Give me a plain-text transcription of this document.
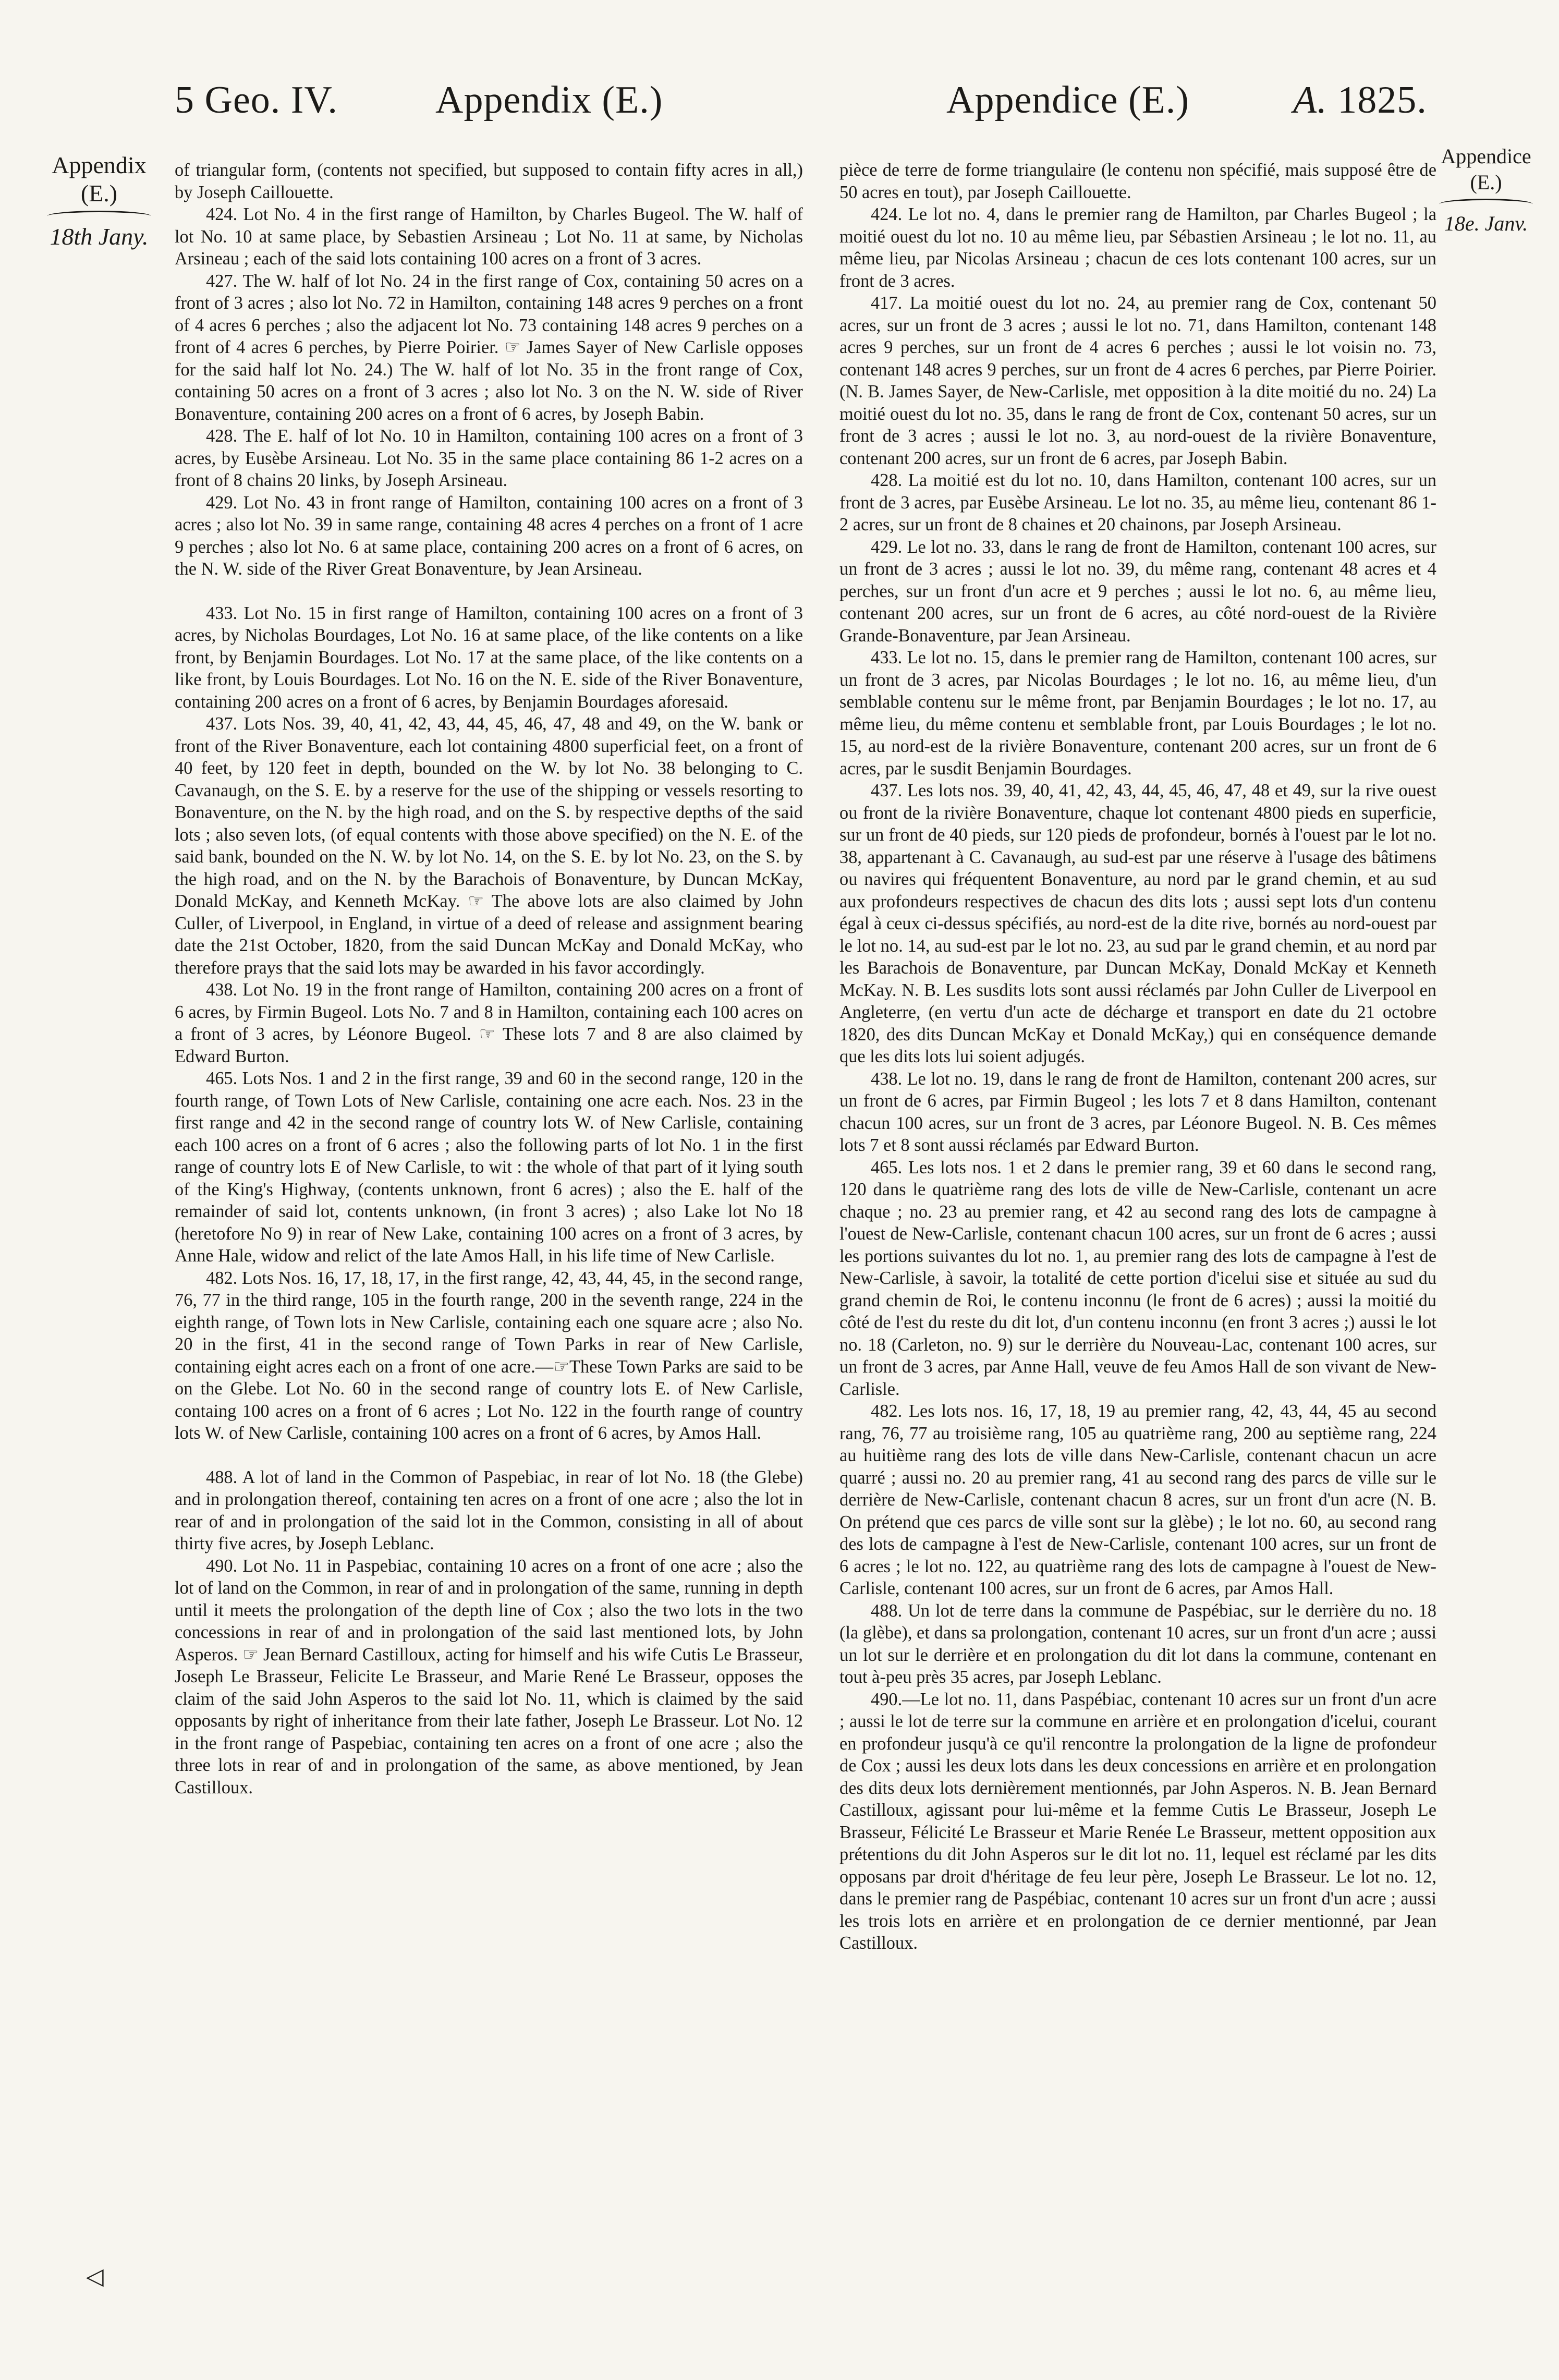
5 Geo. IV.	Appendix (E.)	Appendice (E.)	A. 1825.
Appendix
(E.)
18th Jany.
Appendice
(E.)
18e. Janv.

of triangular form, (contents not specified, but supposed to contain fifty acres in all,) by Joseph Caillouette.

424. Lot No. 4 in the first range of Hamilton, by Charles Bugeol. The W. half of lot No. 10 at same place, by Sebastien Arsineau ; Lot No. 11 at same, by Nicholas Arsineau ; each of the said lots containing 100 acres on a front of 3 acres.

427. The W. half of lot No. 24 in the first range of Cox, containing 50 acres on a front of 3 acres ; also lot No. 72 in Hamilton, containing 148 acres 9 perches on a front of 4 acres 6 perches ; also the adjacent lot No. 73 containing 148 acres 9 perches on a front of 4 acres 6 perches, by Pierre Poirier. ☞ James Sayer of New Carlisle opposes for the said half lot No. 24.) The W. half of lot No. 35 in the front range of Cox, containing 50 acres on a front of 3 acres ; also lot No. 3 on the N. W. side of River Bonaventure, containing 200 acres on a front of 6 acres, by Joseph Babin.

428. The E. half of lot No. 10 in Hamilton, containing 100 acres on a front of 3 acres, by Eusèbe Arsineau. Lot No. 35 in the same place containing 86 1-2 acres on a front of 8 chains 20 links, by Joseph Arsineau.

429. Lot No. 43 in front range of Hamilton, containing 100 acres on a front of 3 acres ; also lot No. 39 in same range, containing 48 acres 4 perches on a front of 1 acre 9 perches ; also lot No. 6 at same place, containing 200 acres on a front of 6 acres, on the N. W. side of the River Great Bonaventure, by Jean Arsineau.

433. Lot No. 15 in first range of Hamilton, containing 100 acres on a front of 3 acres, by Nicholas Bourdages, Lot No. 16 at same place, of the like contents on a like front, by Benjamin Bourdages. Lot No. 17 at the same place, of the like contents on a like front, by Louis Bourdages. Lot No. 16 on the N. E. side of the River Bonaventure, containing 200 acres on a front of 6 acres, by Benjamin Bourdages aforesaid.

437. Lots Nos. 39, 40, 41, 42, 43, 44, 45, 46, 47, 48 and 49, on the W. bank or front of the River Bonaventure, each lot containing 4800 superficial feet, on a front of 40 feet, by 120 feet in depth, bounded on the W. by lot No. 38 belonging to C. Cavanaugh, on the S. E. by a reserve for the use of the shipping or vessels resorting to Bonaventure, on the N. by the high road, and on the S. by respective depths of the said lots ; also seven lots, (of equal contents with those above specified) on the N. E. of the said bank, bounded on the N. W. by lot No. 14, on the S. E. by lot No. 23, on the S. by the high road, and on the N. by the Barachois of Bonaventure, by Duncan McKay, Donald McKay, and Kenneth McKay. ☞ The above lots are also claimed by John Culler, of Liverpool, in England, in virtue of a deed of release and assignment bearing date the 21st October, 1820, from the said Duncan McKay and Donald McKay, who therefore prays that the said lots may be awarded in his favor accordingly.

438. Lot No. 19 in the front range of Hamilton, containing 200 acres on a front of 6 acres, by Firmin Bugeol. Lots No. 7 and 8 in Hamilton, containing each 100 acres on a front of 3 acres, by Léonore Bugeol. ☞ These lots 7 and 8 are also claimed by Edward Burton.

465. Lots Nos. 1 and 2 in the first range, 39 and 60 in the second range, 120 in the fourth range, of Town Lots of New Carlisle, containing one acre each. Nos. 23 in the first range and 42 in the second range of country lots W. of New Carlisle, containing each 100 acres on a front of 6 acres ; also the following parts of lot No. 1 in the first range of country lots E of New Carlisle, to wit : the whole of that part of it lying south of the King's Highway, (contents unknown, front 6 acres) ; also the E. half of the remainder of said lot, contents unknown, (in front 3 acres) ; also Lake lot No 18 (heretofore No 9) in rear of New Lake, containing 100 acres on a front of 3 acres, by Anne Hale, widow and relict of the late Amos Hall, in his life time of New Carlisle.

482. Lots Nos. 16, 17, 18, 17, in the first range, 42, 43, 44, 45, in the second range, 76, 77 in the third range, 105 in the fourth range, 200 in the seventh range, 224 in the eighth range, of Town lots in New Carlisle, containing each one square acre ; also No. 20 in the first, 41 in the second range of Town Parks in rear of New Carlisle, containing eight acres each on a front of one acre.—☞These Town Parks are said to be on the Glebe. Lot No. 60 in the second range of country lots E. of New Carlisle, containg 100 acres on a front of 6 acres ; Lot No. 122 in the fourth range of country lots W. of New Carlisle, containing 100 acres on a front of 6 acres, by Amos Hall.

488. A lot of land in the Common of Paspebiac, in rear of lot No. 18 (the Glebe) and in prolongation thereof, containing ten acres on a front of one acre ; also the lot in rear of and in prolongation of the said lot in the Common, consisting in all of about thirty five acres, by Joseph Leblanc.

490. Lot No. 11 in Paspebiac, containing 10 acres on a front of one acre ; also the lot of land on the Common, in rear of and in prolongation of the same, running in depth until it meets the prolongation of the depth line of Cox ; also the two lots in the two concessions in rear of and in prolongation of the said last mentioned lots, by John Asperos. ☞ Jean Bernard Castilloux, acting for himself and his wife Cutis Le Brasseur, Joseph Le Brasseur, Felicite Le Brasseur, and Marie René Le Brasseur, opposes the claim of the said John Asperos to the said lot No. 11, which is claimed by the said opposants by right of inheritance from their late father, Joseph Le Brasseur. Lot No. 12 in the front range of Paspebiac, containing ten acres on a front of one acre ; also the three lots in rear of and in prolongation of the same, as above mentioned, by Jean Castilloux.

pièce de terre de forme triangulaire (le contenu non spécifié, mais supposé être de 50 acres en tout), par Joseph Caillouette.

424. Le lot no. 4, dans le premier rang de Hamilton, par Charles Bugeol ; la moitié ouest du lot no. 10 au même lieu, par Sébastien Arsineau ; le lot no. 11, au même lieu, par Nicolas Arsineau ; chacun de ces lots contenant 100 acres, sur un front de 3 acres.

417. La moitié ouest du lot no. 24, au premier rang de Cox, contenant 50 acres, sur un front de 3 acres ; aussi le lot no. 71, dans Hamilton, contenant 148 acres 9 perches, sur un front de 4 acres 6 perches ; aussi le lot voisin no. 73, contenant 148 acres 9 perches, sur un front de 4 acres 6 perches, par Pierre Poirier. (N. B. James Sayer, de New-Carlisle, met opposition à la dite moitié du no. 24) La moitié ouest du lot no. 35, dans le rang de front de Cox, contenant 50 acres, sur un front de 3 acres ; aussi le lot no. 3, au nord-ouest de la rivière Bonaventure, contenant 200 acres, sur un front de 6 acres, par Joseph Babin.

428. La moitié est du lot no. 10, dans Hamilton, contenant 100 acres, sur un front de 3 acres, par Eusèbe Arsineau. Le lot no. 35, au même lieu, contenant 86 1-2 acres, sur un front de 8 chaines et 20 chainons, par Joseph Arsineau.

429. Le lot no. 33, dans le rang de front de Hamilton, contenant 100 acres, sur un front de 3 acres ; aussi le lot no. 39, du même rang, contenant 48 acres et 4 perches, sur un front d'un acre et 9 perches ; aussi le lot no. 6, au même lieu, contenant 200 acres, sur un front de 6 acres, au côté nord-ouest de la Rivière Grande-Bonaventure, par Jean Arsineau.

433. Le lot no. 15, dans le premier rang de Hamilton, contenant 100 acres, sur un front de 3 acres, par Nicolas Bourdages ; le lot no. 16, au même lieu, d'un semblable contenu sur le même front, par Benjamin Bourdages ; le lot no. 17, au même lieu, du même contenu et semblable front, par Louis Bourdages ; le lot no. 15, au nord-est de la rivière Bonaventure, contenant 200 acres, sur un front de 6 acres, par le susdit Benjamin Bourdages.

437. Les lots nos. 39, 40, 41, 42, 43, 44, 45, 46, 47, 48 et 49, sur la rive ouest ou front de la rivière Bonaventure, chaque lot contenant 4800 pieds en superficie, sur un front de 40 pieds, sur 120 pieds de profondeur, bornés à l'ouest par le lot no. 38, appartenant à C. Cavanaugh, au sud-est par une réserve à l'usage des bâtimens ou navires qui fréquentent Bonaventure, au nord par le grand chemin, et au sud aux profondeurs respectives de chacun des dits lots ; aussi sept lots d'un contenu égal à ceux ci-dessus spécifiés, au nord-est de la dite rive, bornés au nord-ouest par le lot no. 14, au sud-est par le lot no. 23, au sud par le grand chemin, et au nord par les Barachois de Bonaventure, par Duncan McKay, Donald McKay et Kenneth McKay. N. B. Les susdits lots sont aussi réclamés par John Culler de Liverpool en Angleterre, (en vertu d'un acte de décharge et transport en date du 21 octobre 1820, des dits Duncan McKay et Donald McKay,) qui en conséquence demande que les dits lots lui soient adjugés.

438. Le lot no. 19, dans le rang de front de Hamilton, contenant 200 acres, sur un front de 6 acres, par Firmin Bugeol ; les lots 7 et 8 dans Hamilton, contenant chacun 100 acres, sur un front de 3 acres, par Léonore Bugeol. N. B. Ces mêmes lots 7 et 8 sont aussi réclamés par Edward Burton.

465. Les lots nos. 1 et 2 dans le premier rang, 39 et 60 dans le second rang, 120 dans le quatrième rang des lots de ville de New-Carlisle, contenant un acre chaque ; no. 23 au premier rang, et 42 au second rang des lots de campagne à l'ouest de New-Carlisle, contenant chacun 100 acres, sur un front de 6 acres ; aussi les portions suivantes du lot no. 1, au premier rang des lots de campagne à l'est de New-Carlisle, à savoir, la totalité de cette portion d'icelui sise et située au sud du grand chemin de Roi, le contenu inconnu (le front de 6 acres) ; aussi la moitié du côté de l'est du reste du dit lot, d'un contenu inconnu (en front 3 acres ;) aussi le lot no. 18 (Carleton, no. 9) sur le derrière du Nouveau-Lac, contenant 100 acres, sur un front de 3 acres, par Anne Hall, veuve de feu Amos Hall de son vivant de New-Carlisle.

482. Les lots nos. 16, 17, 18, 19 au premier rang, 42, 43, 44, 45 au second rang, 76, 77 au troisième rang, 105 au quatrième rang, 200 au septième rang, 224 au huitième rang des lots de ville dans New-Carlisle, contenant chacun un acre quarré ; aussi no. 20 au premier rang, 41 au second rang des parcs de ville sur le derrière de New-Carlisle, contenant chacun 8 acres, sur un front d'un acre (N. B. On prétend que ces parcs de ville sont sur la glèbe) ; le lot no. 60, au second rang des lots de campagne à l'est de New-Carlisle, contenant 100 acres, sur un front de 6 acres ; le lot no. 122, au quatrième rang des lots de campagne à l'ouest de New-Carlisle, contenant 100 acres, sur un front de 6 acres, par Amos Hall.

488. Un lot de terre dans la commune de Paspébiac, sur le derrière du no. 18 (la glèbe), et dans sa prolongation, contenant 10 acres, sur un front d'un acre ; aussi un lot sur le derrière et en prolongation du dit lot dans la commune, contenant en tout à-peu près 35 acres, par Joseph Leblanc.

490.—Le lot no. 11, dans Paspébiac, contenant 10 acres sur un front d'un acre ; aussi le lot de terre sur la commune en arrière et en prolongation d'icelui, courant en profondeur jusqu'à ce qu'il rencontre la prolongation de la ligne de profondeur de Cox ; aussi les deux lots dans les deux concessions en arrière et en prolongation des dits deux lots dernièrement mentionnés, par John Asperos. N. B. Jean Bernard Castilloux, agissant pour lui-même et la femme Cutis Le Brasseur, Joseph Le Brasseur, Félicité Le Brasseur et Marie Renée Le Brasseur, mettent opposition aux prétentions du dit John Asperos sur le dit lot no. 11, lequel est réclamé par les dits opposans par droit d'héritage de feu leur père, Joseph Le Brasseur. Le lot no. 12, dans le premier rang de Paspébiac, contenant 10 acres sur un front d'un acre ; aussi les trois lots en arrière et en prolongation de ce dernier mentionné, par Jean Castilloux.

◁
